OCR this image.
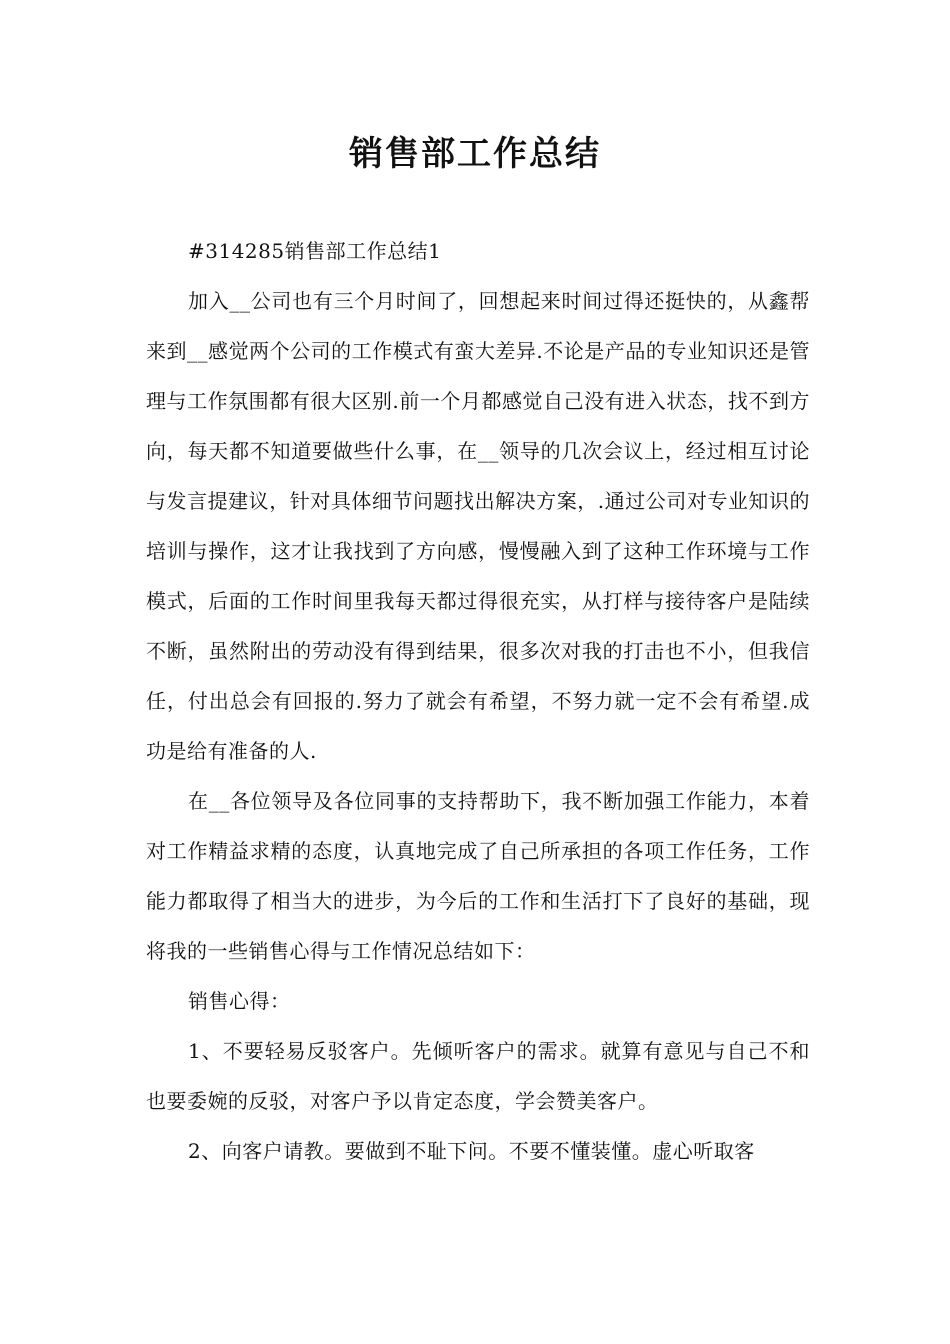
销售部工作总结

#314285销售部工作总结1

加入__公司也有三个月时间了，回想起来时间过得还挺快的，从鑫帮来到__感觉两个公司的工作模式有蛮大差异.不论是产品的专业知识还是管理与工作氛围都有很大区别.前一个月都感觉自己没有进入状态，找不到方向，每天都不知道要做些什么事，在__领导的几次会议上，经过相互讨论与发言提建议，针对具体细节问题找出解决方案，.通过公司对专业知识的培训与操作，这才让我找到了方向感，慢慢融入到了这种工作环境与工作模式，后面的工作时间里我每天都过得很充实，从打样与接待客户是陆续不断，虽然附出的劳动没有得到结果，很多次对我的打击也不小，但我信任，付出总会有回报的.努力了就会有希望，不努力就一定不会有希望.成功是给有准备的人.

在__各位领导及各位同事的支持帮助下，我不断加强工作能力，本着对工作精益求精的态度，认真地完成了自己所承担的各项工作任务，工作能力都取得了相当大的进步，为今后的工作和生活打下了良好的基础，现将我的一些销售心得与工作情况总结如下：

销售心得：

1、不要轻易反驳客户。先倾听客户的需求。就算有意见与自己不和也要委婉的反驳，对客户予以肯定态度，学会赞美客户。

2、向客户请教。要做到不耻下问。不要不懂装懂。虚心听取客
